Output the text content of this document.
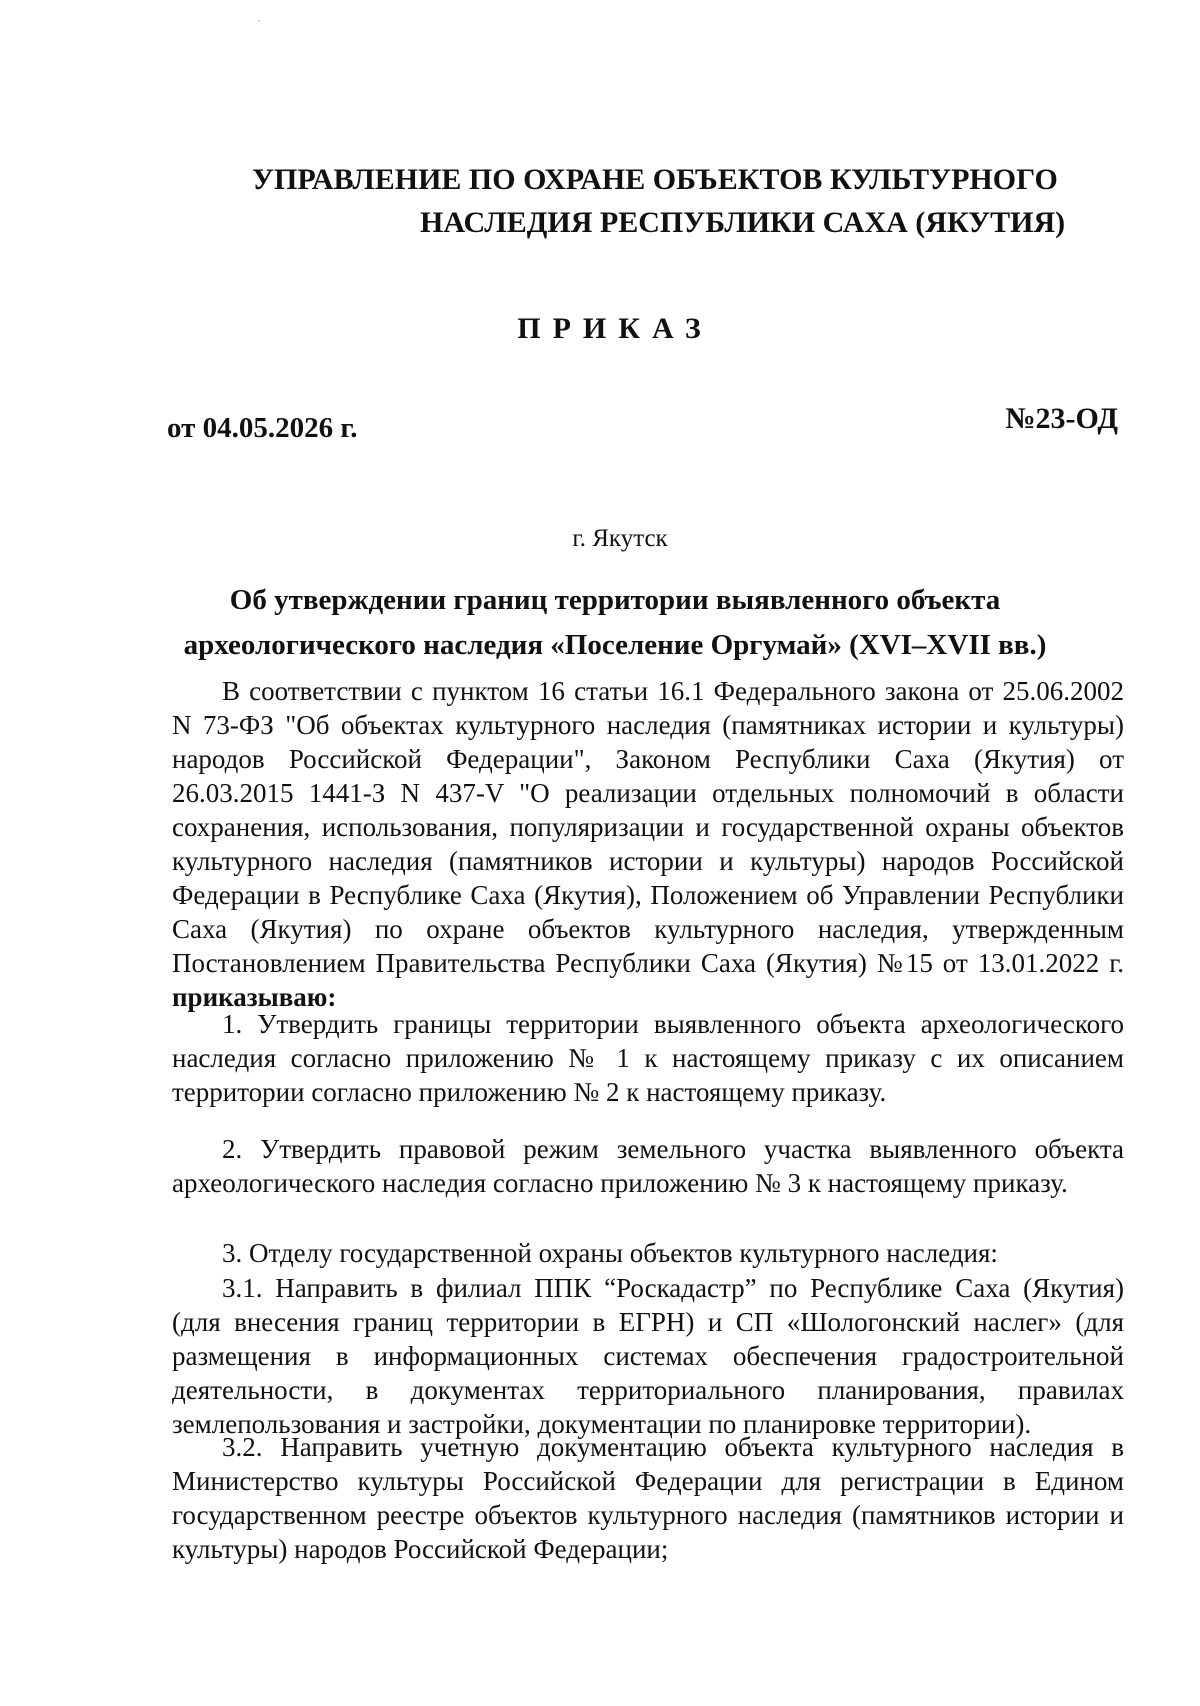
УПРАВЛЕНИЕ ПО ОХРАНЕ ОБЪЕКТОВ КУЛЬТУРНОГО

НАСЛЕДИЯ РЕСПУБЛИКИ САХА (ЯКУТИЯ)

ПРИКАЗ

от 04.05.2026 г.	№23-ОД

г. Якутск

Об утверждении границ территории выявленного объекта археологического наследия «Поселение Оргумай» (XVI–XVII вв.)

В соответствии с пунктом 16 статьи 16.1 Федерального закона от 25.06.2002 N 73-ФЗ "Об объектах культурного наследия (памятниках истории и культуры) народов Российской Федерации", Законом Республики Саха (Якутия) от 26.03.2015 1441-З N 437-V "О реализации отдельных полномочий в области сохранения, использования, популяризации и государственной охраны объектов культурного наследия (памятников истории и культуры) народов Российской Федерации в Республике Саха (Якутия), Положением об Управлении Республики Саха (Якутия) по охране объектов культурного наследия, утвержденным Постановлением Правительства Республики Саха (Якутия) №15 от 13.01.2022 г. приказываю:

1. Утвердить границы территории выявленного объекта археологического наследия согласно приложению № 1 к настоящему приказу с их описанием территории согласно приложению № 2 к настоящему приказу.

2. Утвердить правовой режим земельного участка выявленного объекта археологического наследия согласно приложению № 3 к настоящему приказу.

3. Отделу государственной охраны объектов культурного наследия:

3.1. Направить в филиал ППК “Роскадастр” по Республике Саха (Якутия) (для внесения границ территории в ЕГРН) и СП «Шологонский наслег» (для размещения в информационных системах обеспечения градостроительной деятельности, в документах территориального планирования, правилах землепользования и застройки, документации по планировке территории).

3.2. Направить учетную документацию объекта культурного наследия в Министерство культуры Российской Федерации для регистрации в Едином государственном реестре объектов культурного наследия (памятников истории и культуры) народов Российской Федерации;
